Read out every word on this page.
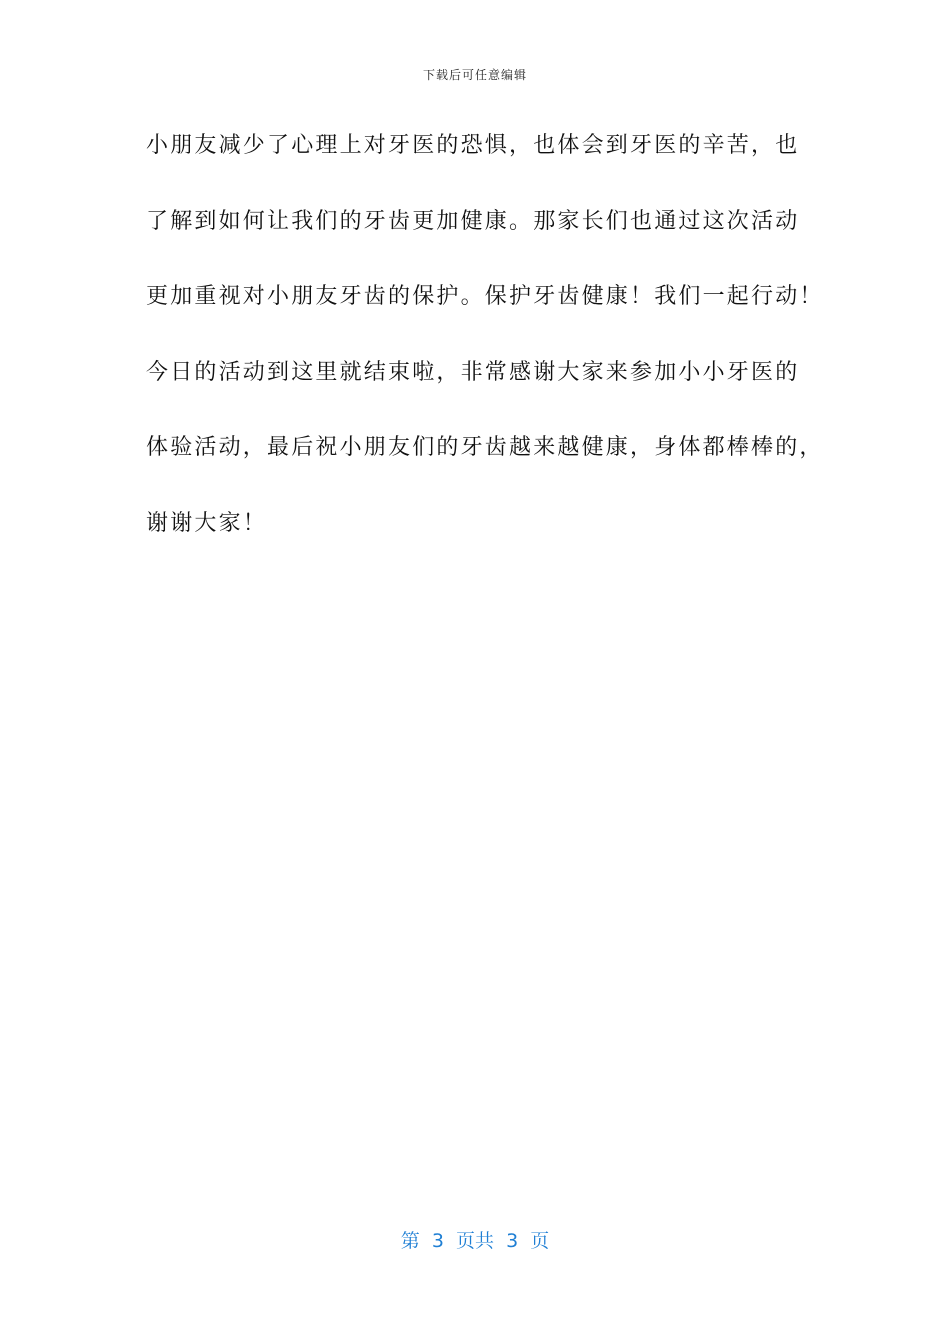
下载后可任意编辑
小朋友减少了心理上对牙医的恐惧，也体会到牙医的辛苦，也
了解到如何让我们的牙齿更加健康。那家长们也通过这次活动
更加重视对小朋友牙齿的保护。保护牙齿健康！我们一起行动！
今日的活动到这里就结束啦，非常感谢大家来参加小小牙医的
体验活动，最后祝小朋友们的牙齿越来越健康，身体都棒棒的，
谢谢大家！
第  3  页共  3  页
